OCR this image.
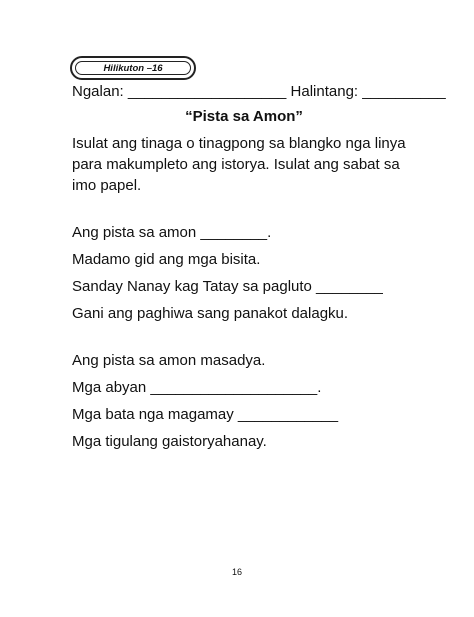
Hilikuton –16
Ngalan: ___________________ Halintang: __________
“Pista sa Amon”
Isulat ang tinaga o tinagpong sa blangko nga linya para makumpleto ang istorya. Isulat ang sabat sa imo papel.
Ang pista sa amon ________.
Madamo gid ang mga bisita.
Sanday Nanay kag Tatay sa pagluto ________
Gani ang paghiwa sang panakot dalagku.
Ang pista sa amon masadya.
Mga abyan ____________________.
Mga bata nga magamay ____________
Mga tigulang gaistoryahanay.
16
